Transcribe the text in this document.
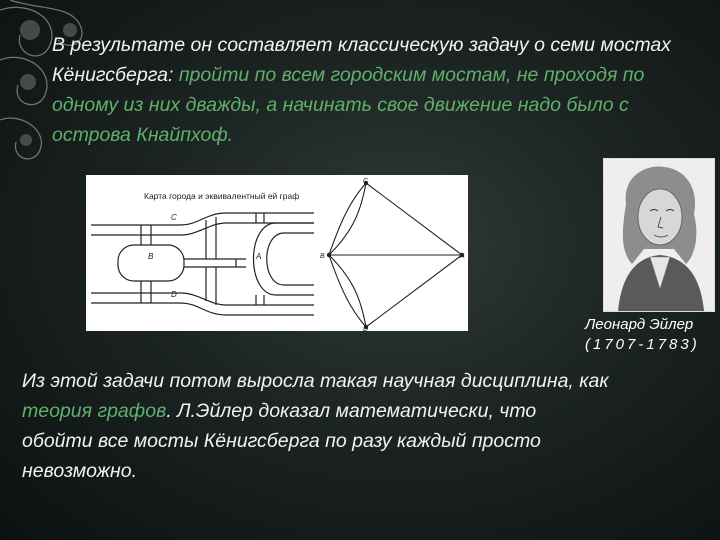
В результате он составляет классическую задачу о семи мостах Кёнигсберга: пройти по всем городским мостам, не проходя по одному из них дважды, а начинать свое движение надо было с острова Кнайпхоф.
Карта города и эквивалентный ей граф
C
B	A
D
C
B	A
D	Леонард Эйлер
(1707-1783)
Из этой задачи потом выросла такая научная дисциплина, как теория графов. Л.Эйлер доказал математически, что обойти все мосты Кёнигсберга по разу каждый просто невозможно.
